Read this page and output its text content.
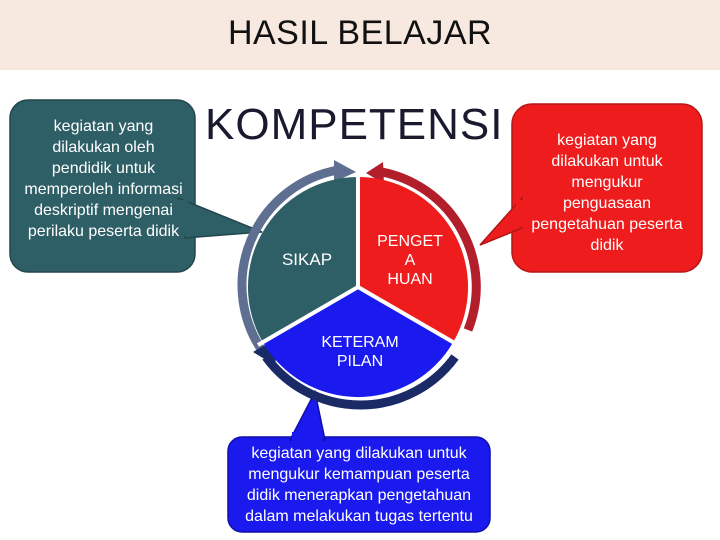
HASIL BELAJAR
KOMPETENSI
SIKAP
PENGET
A
HUAN
KETERAM
PILAN
kegiatan yang dilakukan oleh pendidik untuk memperoleh informasi deskriptif mengenai perilaku peserta didik
kegiatan yang dilakukan untuk mengukur penguasaan pengetahuan peserta didik
kegiatan yang dilakukan untuk mengukur kemampuan peserta didik menerapkan pengetahuan dalam melakukan tugas tertentu
